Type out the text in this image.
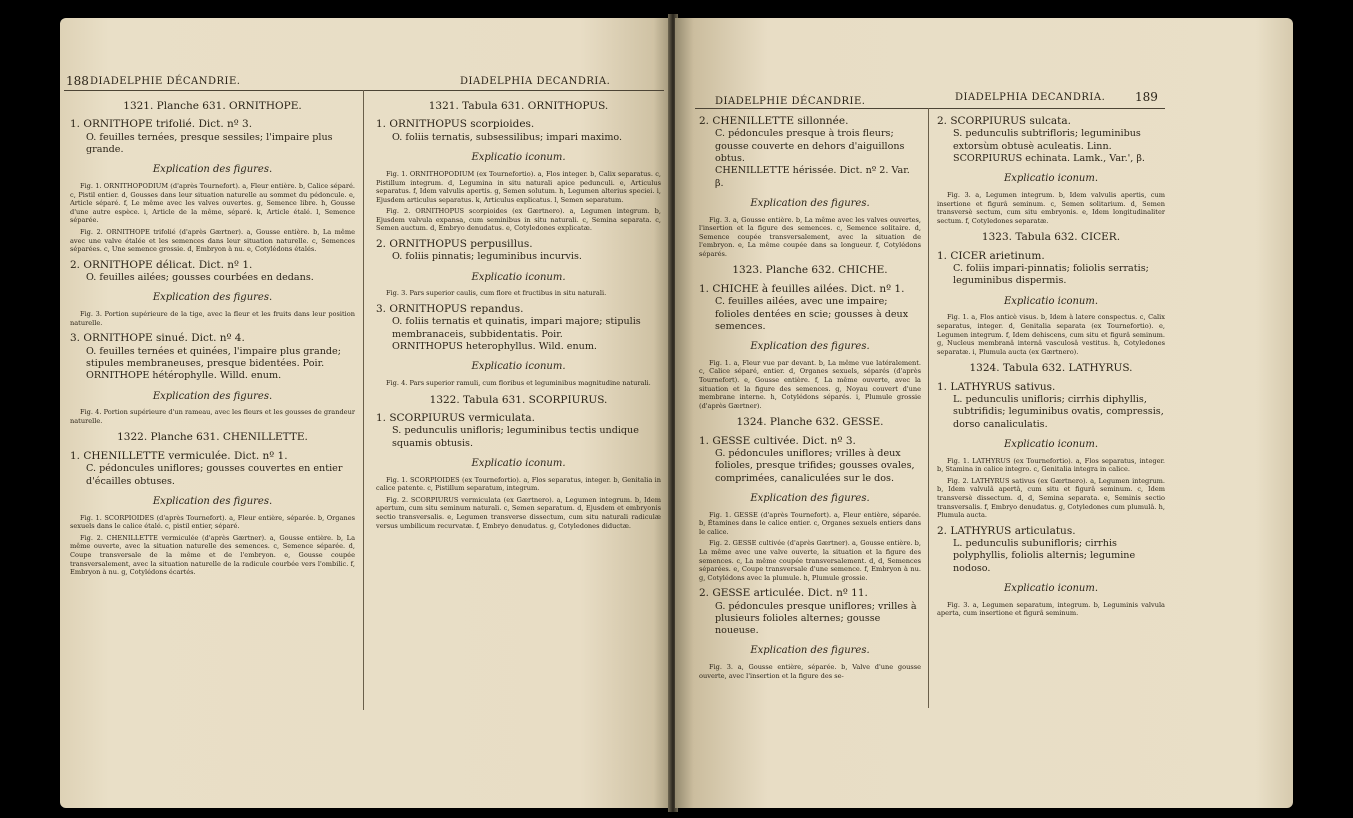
188 DIADELPHIE DÉCANDRIE.	DIADELPHIA DECANDRIA.
1321. Planche 631. ORNITHOPE.
1. ORNITHOPE trifolié. Dict. nº 3.
O. feuilles ternées, presque sessiles; l'impaire plus grande.
Explication des figures.
Fig. 1. ORNITHOPODIUM (d'après Tournefort). a, Fleur entière. b, Calice séparé. c, Pistil entier. d, Gousses dans leur situation naturelle au sommet du pédoncule. e, Article séparé. f, Le même avec les valves ouvertes. g, Semence libre. h, Gousse d'une autre espèce. i, Article de la même, séparé. k, Article étalé. l, Semence séparée.
Fig. 2. ORNITHOPE trifolié (d'après Gærtner). a, Gousse entière. b, La même avec une valve étalée et les semences dans leur situation naturelle. c, Semences séparées. c, Une semence grossie. d, Embryon à nu. e, Cotylédons étalés.
2. ORNITHOPE délicat. Dict. nº 1.
O. feuilles ailées; gousses courbées en dedans.
Explication des figures.
Fig. 3. Portion supérieure de la tige, avec la fleur et les fruits dans leur position naturelle.
3. ORNITHOPE sinué. Dict. nº 4.
O. feuilles ternées et quinées, l'impaire plus grande; stipules membraneuses, presque bidentées. Poir.
ORNITHOPE hétérophylle. Willd. enum.
Explication des figures.
Fig. 4. Portion supérieure d'un rameau, avec les fleurs et les gousses de grandeur naturelle.
1322. Planche 631. CHENILLETTE.
1. CHENILLETTE vermiculée. Dict. nº 1.
C. pédoncules uniflores; gousses couvertes en entier d'écailles obtuses.
Explication des figures.
Fig. 1. SCORPIOIDES (d'après Tournefort). a, Fleur entière, séparée. b, Organes sexuels dans le calice étalé. c, pistil entier, séparé.
Fig. 2. CHENILLETTE vermiculée (d'après Gærtner). a, Gousse entière. b, La même ouverte, avec la situation naturelle des semences. c, Semence séparée. d, Coupe transversale de la même et de l'embryon. e, Gousse coupée transversalement, avec la situation naturelle de la radicule courbée vers l'ombilic. f, Embryon à nu. g, Cotylédons écartés.
1321. Tabula 631. ORNITHOPUS.
1. ORNITHOPUS scorpioides.
O. foliis ternatis, subsessilibus; impari maximo.
Explicatio iconum.
Fig. 1. ORNITHOPODIUM (ex Tournefortio). a, Flos integer. b, Calix separatus. c, Pistillum integrum. d, Legumina in situ naturali apice pedunculi. e, Articulus separatus. f, Idem valvulis apertis. g, Semen solutum. h, Legumen alterius speciei. i, Ejusdem articulus separatus. k, Articulus explicatus. l, Semen separatum.
Fig. 2. ORNITHOPUS scorpioides (ex Gærtnero). a, Legumen integrum. b, Ejusdem valvula expansa, cum seminibus in situ naturali. c, Semina separata. c, Semen auctum. d, Embryo denudatus. e, Cotyledones explicatæ.
2. ORNITHOPUS perpusillus.
O. foliis pinnatis; leguminibus incurvis.
Explicatio iconum.
Fig. 3. Pars superior caulis, cum flore et fructibus in situ naturali.
3. ORNITHOPUS repandus.
O. foliis ternatis et quinatis, impari majore; stipulis membranaceis, subbidentatis. Poir.
ORNITHOPUS heterophyllus. Wild. enum.
Explicatio iconum.
Fig. 4. Pars superior ramuli, cum floribus et leguminibus magnitudine naturali.
1322. Tabula 631. SCORPIURUS.
1. SCORPIURUS vermiculata.
S. pedunculis unifloris; leguminibus tectis undique squamis obtusis.
Explicatio iconum.
Fig. 1. SCORPIOIDES (ex Tournefortio). a, Flos separatus, integer. b, Genitalia in calice patente. c, Pistillum separatum, integrum.
Fig. 2. SCORPIURUS vermiculata (ex Gærtnero). a, Legumen integrum. b, Idem apertum, cum situ seminum naturali. c, Semen separatum. d, Ejusdem et embryonis sectio transversalis. e, Legumen transverse dissectum, cum situ naturali radiculæ versus umbilicum recurvatæ. f, Embryo denudatus. g, Cotyledones diductæ.
DIADELPHIE DÉCANDRIE.	DIADELPHIA DECANDRIA. 189
2. CHENILLETTE sillonnée.
C. pédoncules presque à trois fleurs; gousse couverte en dehors d'aiguillons obtus.
CHENILLETTE hérissée. Dict. nº 2. Var. β.
Explication des figures.
Fig. 3. a, Gousse entière. b, La même avec les valves ouvertes, l'insertion et la figure des semences. c, Semence solitaire. d, Semence coupée transversalement, avec la situation de l'embryon. e, La même coupée dans sa longueur. f, Cotylédons séparés.
1323. Planche 632. CHICHE.
1. CHICHE à feuilles ailées. Dict. nº 1.
C. feuilles ailées, avec une impaire; folioles dentées en scie; gousses à deux semences.
Explication des figures.
Fig. 1. a, Fleur vue par devant. b, La même vue latéralement. c, Calice séparé, entier. d, Organes sexuels, séparés (d'après Tournefort). e, Gousse entière. f, La même ouverte, avec la situation et la figure des semences. g, Noyau couvert d'une membrane interne. h, Cotylédons séparés. i, Plumule grossie (d'après Gærtner).
1324. Planche 632. GESSE.
1. GESSE cultivée. Dict. nº 3.
G. pédoncules uniflores; vrilles à deux folioles, presque trifides; gousses ovales, comprimées, canaliculées sur le dos.
Explication des figures.
Fig. 1. GESSE (d'après Tournefort). a, Fleur entière, séparée. b, Étamines dans le calice entier. c, Organes sexuels entiers dans le calice.
Fig. 2. GESSE cultivée (d'après Gærtner). a, Gousse entière. b, La même avec une valve ouverte, la situation et la figure des semences. c, La même coupée transversalement. d, d, Semences séparées. e, Coupe transversale d'une semence. f, Embryon à nu. g, Cotylédons avec la plumule. h, Plumule grossie.
2. GESSE articulée. Dict. nº 11.
G. pédoncules presque uniflores; vrilles à plusieurs folioles alternes; gousse noueuse.
Explication des figures.
Fig. 3. a, Gousse entière, séparée. b, Valve d'une gousse ouverte, avec l'insertion et la figure des se-
2. SCORPIURUS sulcata.
S. pedunculis subtrifloris; leguminibus extorsùm obtusè aculeatis. Linn.
SCORPIURUS echinata. Lamk., Var.', β.
Explicatio iconum.
Fig. 3. a, Legumen integrum. b, Idem valvulis apertis, cum insertione et figurâ seminum. c, Semen solitarium. d, Semen transversè sectum, cum situ embryonis. e, Idem longitudinaliter sectum. f, Cotyledones separatæ.
1323. Tabula 632. CICER.
1. CICER arietinum.
C. foliis impari-pinnatis; foliolis serratis; leguminibus dispermis.
Explicatio iconum.
Fig. 1. a, Flos anticè visus. b, Idem à latere conspectus. c, Calix separatus, integer. d, Genitalia separata (ex Tournefortio). e, Legumen integrum. f, Idem dehiscens, cum situ et figurâ seminum. g, Nucleus membranâ internâ vasculosâ vestitus. h, Cotyledones separatæ. i, Plumula aucta (ex Gærtnero).
1324. Tabula 632. LATHYRUS.
1. LATHYRUS sativus.
L. pedunculis unifloris; cirrhis diphyllis, subtrifidis; leguminibus ovatis, compressis, dorso canaliculatis.
Explicatio iconum.
Fig. 1. LATHYRUS (ex Tournefortio). a, Flos separatus, integer. b, Stamina in calice integro. c, Genitalia integra in calice.
Fig. 2. LATHYRUS sativus (ex Gærtnero). a, Legumen integrum. b, Idem valvulâ apertâ, cum situ et figurâ seminum. c, Idem transversè dissectum. d, d, Semina separata. e, Seminis sectio transversalis. f, Embryo denudatus. g, Cotyledones cum plumulâ. h, Plumula aucta.
2. LATHYRUS articulatus.
L. pedunculis subunifloris; cirrhis polyphyllis, foliolis alternis; legumine nodoso.
Explicatio iconum.
Fig. 3. a, Legumen separatum, integrum. b, Leguminis valvula aperta, cum insertione et figurâ seminum.
